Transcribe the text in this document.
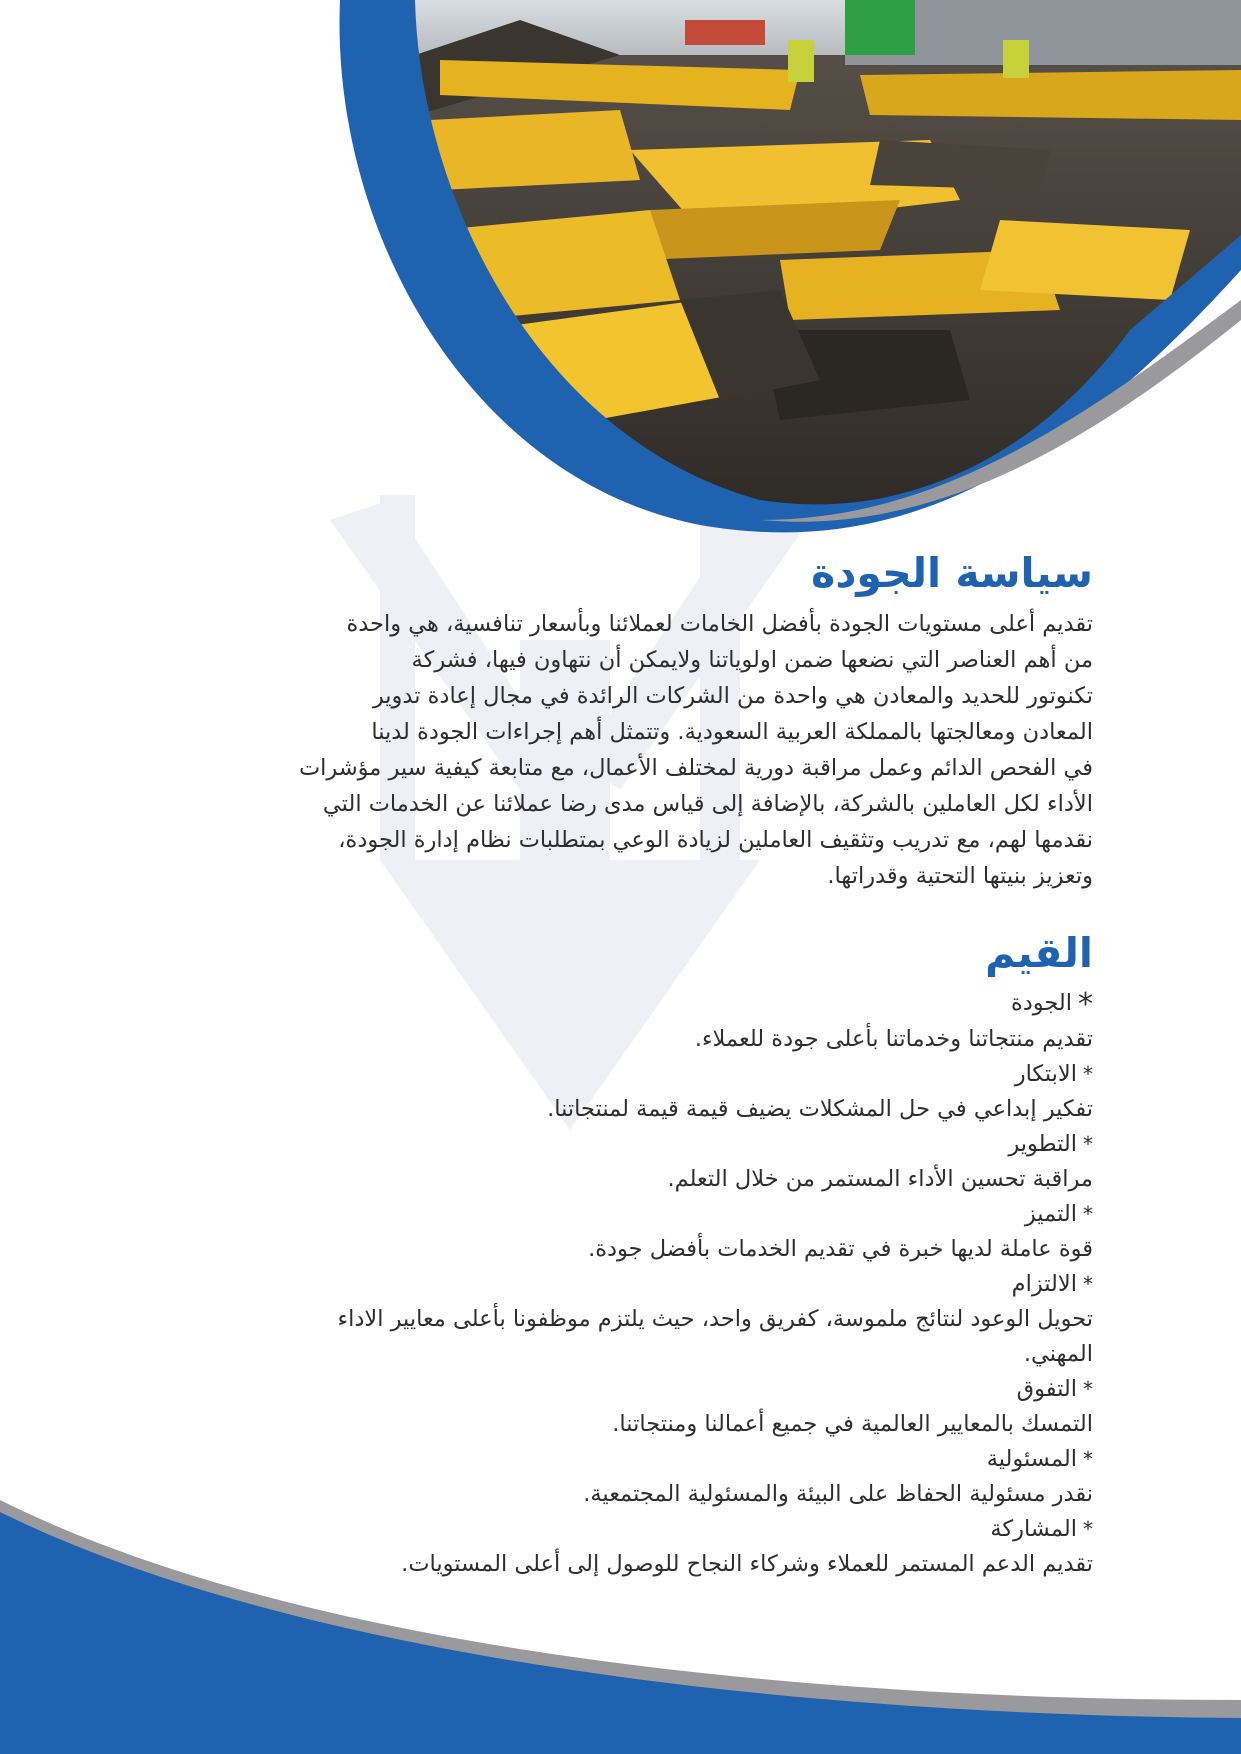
سياسة الجودة

تقديم أعلى مستويات الجودة بأفضل الخامات لعملائنا وبأسعار تنافسية، هي واحدة

من أهم العناصر التي نضعها ضمن اولوياتنا ولايمكن أن نتهاون فيها، فشركة

تكنوتور للحديد والمعادن هي واحدة من الشركات الرائدة في مجال إعادة تدوير

المعادن ومعالجتها بالمملكة العربية السعودية. وتتمثل أهم إجراءات الجودة لدينا

في الفحص الدائم وعمل مراقبة دورية لمختلف الأعمال، مع متابعة كيفية سير مؤشرات

الأداء لكل العاملين بالشركة، بالإضافة إلى قياس مدى رضا عملائنا عن الخدمات التي

نقدمها لهم، مع تدريب وتثقيف العاملين لزيادة الوعي بمتطلبات نظام إدارة الجودة،

وتعزيز بنيتها التحتية وقدراتها.

القيم
*الجودة
تقديم منتجاتنا وخدماتنا بأعلى جودة للعملاء.
*الابتكار
تفكير إبداعي في حل المشكلات يضيف قيمة قيمة لمنتجاتنا.
*التطوير
مراقبة تحسين الأداء المستمر من خلال التعلم.
*التميز
قوة عاملة لديها خبرة في تقديم الخدمات بأفضل جودة.
*الالتزام
تحويل الوعود لنتائج ملموسة، كفريق واحد، حيث يلتزم موظفونا بأعلى معايير الاداء
المهني.
*التفوق
التمسك بالمعايير العالمية في جميع أعمالنا ومنتجاتنا.
*المسئولية
نقدر مسئولية الحفاظ على البيئة والمسئولية المجتمعية.
*المشاركة
تقديم الدعم المستمر للعملاء وشركاء النجاح للوصول إلى أعلى المستويات.
